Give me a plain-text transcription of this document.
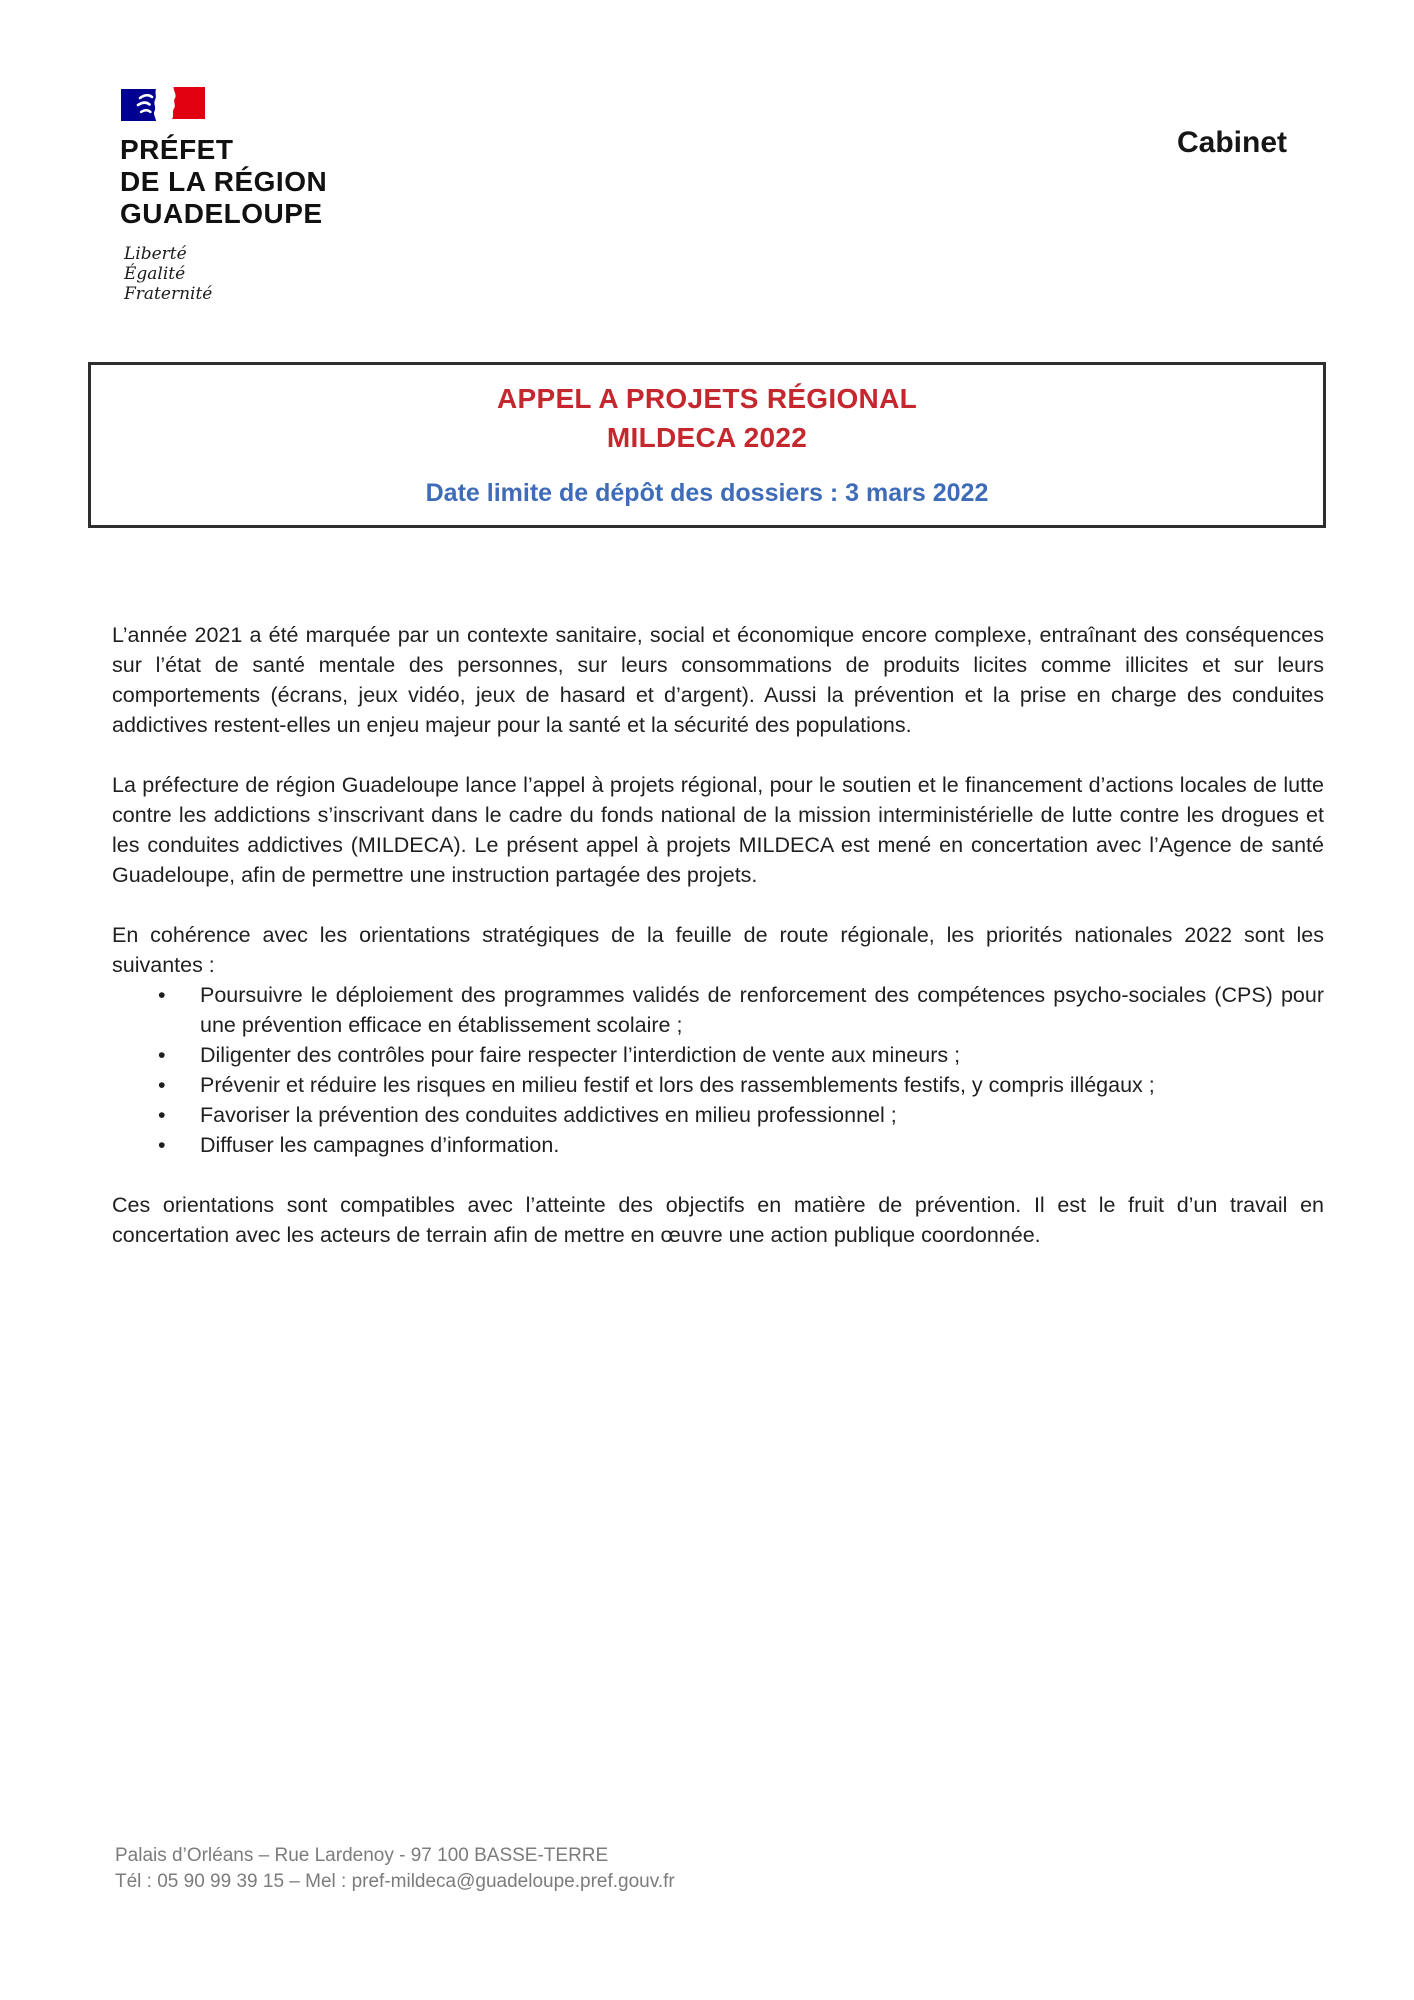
PRÉFET
DE LA RÉGION
GUADELOUPE
Liberté
Égalité
Fraternité
Cabinet
APPEL A PROJETS RÉGIONAL
MILDECA 2022
Date limite de dépôt des dossiers : 3 mars 2022

L’année 2021 a été marquée par un contexte sanitaire, social et économique encore complexe, entraînant des conséquences sur l’état de santé mentale des personnes, sur leurs consommations de produits licites comme illicites et sur leurs comportements (écrans, jeux vidéo, jeux de hasard et d’argent). Aussi la prévention et la prise en charge des conduites addictives restent-elles un enjeu majeur pour la santé et la sécurité des populations.

La préfecture de région Guadeloupe lance l’appel à projets régional, pour le soutien et le financement d’actions locales de lutte contre les addictions s’inscrivant dans le cadre du fonds national de la mission interministérielle de lutte contre les drogues et les conduites addictives (MILDECA). Le présent appel à projets MILDECA est mené en concertation avec l’Agence de santé Guadeloupe, afin de permettre une instruction partagée des projets.

En cohérence avec les orientations stratégiques de la feuille de route régionale, les priorités nationales 2022 sont les suivantes :

• Poursuivre le déploiement des programmes validés de renforcement des compétences psycho-sociales (CPS) pour une prévention efficace en établissement scolaire ;
• Diligenter des contrôles pour faire respecter l’interdiction de vente aux mineurs ;
• Prévenir et réduire les risques en milieu festif et lors des rassemblements festifs, y compris illégaux ;
• Favoriser la prévention des conduites addictives en milieu professionnel ;
• Diffuser les campagnes d’information.

Ces orientations sont compatibles avec l’atteinte des objectifs en matière de prévention. Il est le fruit d’un travail en concertation avec les acteurs de terrain afin de mettre en œuvre une action publique coordonnée.

Palais d’Orléans – Rue Lardenoy - 97 100 BASSE-TERRE
Tél : 05 90 99 39 15 – Mel : pref-mildeca@guadeloupe.pref.gouv.fr
